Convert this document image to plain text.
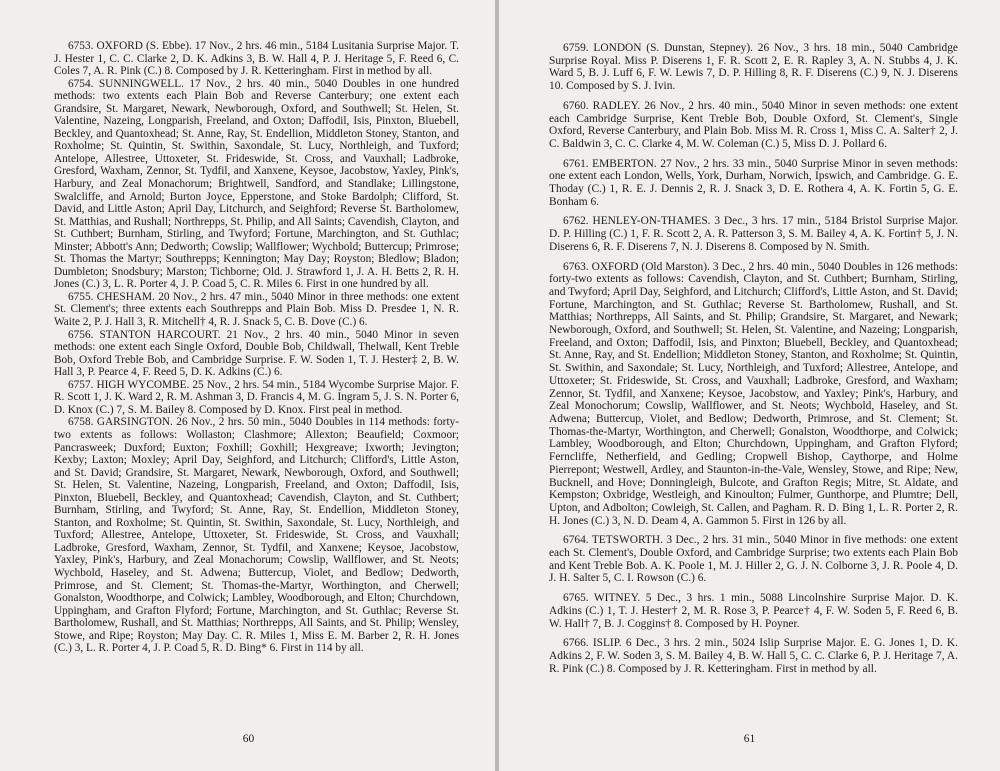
6753. OXFORD (S. Ebbe). 17 Nov., 2 hrs. 46 min., 5184 Lusitania Surprise Major. T. J. Hester 1, C. C. Clarke 2, D. K. Adkins 3, B. W. Hall 4, P. J. Heritage 5, F. Reed 6, C. Coles 7, A. R. Pink (C.) 8. Composed by J. R. Ketteringham. First in method by all.

6754. SUNNINGWELL. 17 Nov., 2 hrs. 40 min., 5040 Doubles in one hundred methods: two extents each Plain Bob and Reverse Canterbury; one extent each Grandsire, St. Margaret, Newark, Newborough, Oxford, and Southwell; St. Helen, St. Valentine, Nazeing, Longparish, Freeland, and Oxton; Daffodil, Isis, Pinxton, Bluebell, Beckley, and Quantoxhead; St. Anne, Ray, St. Endellion, Middleton Stoney, Stanton, and Roxholme; St. Quintin, St. Swithin, Saxondale, St. Lucy, Northleigh, and Tuxford; Antelope, Allestree, Uttoxeter, St. Frideswide, St. Cross, and Vauxhall; Ladbroke, Gresford, Waxham, Zennor, St. Tydfil, and Xanxene, Keysoe, Jacobstow, Yaxley, Pink's, Harbury, and Zeal Monachorum; Brightwell, Sandford, and Standlake; Lillingstone, Swalcliffe, and Arnold; Burton Joyce, Epperstone, and Stoke Bardolph; Clifford, St. David, and Little Aston; April Day, Litchurch, and Seighford; Reverse St. Bartholomew, St. Matthias, and Rushall; Northrepps, St. Philip, and All Saints; Cavendish, Clayton, and St. Cuthbert; Burnham, Stirling, and Twyford; Fortune, Marchington, and St. Guthlac; Minster; Abbott's Ann; Dedworth; Cowslip; Wallflower; Wychbold; Buttercup; Primrose; St. Thomas the Martyr; Southrepps; Kennington; May Day; Royston; Bledlow; Bladon; Dumbleton; Snodsbury; Marston; Tichborne; Old. J. Strawford 1, J. A. H. Betts 2, R. H. Jones (C.) 3, L. R. Porter 4, J. P. Coad 5, C. R. Miles 6. First in one hundred by all.

6755. CHESHAM. 20 Nov., 2 hrs. 47 min., 5040 Minor in three methods: one extent St. Clement's; three extents each Southrepps and Plain Bob. Miss D. Presdee 1, N. R. Waite 2, P. J. Hall 3, R. Mitchell† 4, R. J. Snack 5, C. B. Dove (C.) 6.

6756. STANTON HARCOURT. 21 Nov., 2 hrs. 40 min., 5040 Minor in seven methods: one extent each Single Oxford, Double Bob, Childwall, Thelwall, Kent Treble Bob, Oxford Treble Bob, and Cambridge Surprise. F. W. Soden 1, T. J. Hester‡ 2, B. W. Hall 3, P. Pearce 4, F. Reed 5, D. K. Adkins (C.) 6.

6757. HIGH WYCOMBE. 25 Nov., 2 hrs. 54 min., 5184 Wycombe Surprise Major. F. R. Scott 1, J. K. Ward 2, R. M. Ashman 3, D. Francis 4, M. G. Ingram 5, J. S. N. Porter 6, D. Knox (C.) 7, S. M. Bailey 8. Composed by D. Knox. First peal in method.

6758. GARSINGTON. 26 Nov., 2 hrs. 50 min., 5040 Doubles in 114 methods: forty-two extents as follows: Wollaston; Clashmore; Allexton; Beaufield; Coxmoor; Pancrasweek; Duxford; Euxton; Foxhill; Goxhill; Hexgreave; Ixworth; Jevington; Kexby; Laxton; Moxley; April Day, Seighford, and Litchurch; Clifford's, Little Aston, and St. David; Grandsire, St. Margaret, Newark, Newborough, Oxford, and Southwell; St. Helen, St. Valentine, Nazeing, Longparish, Freeland, and Oxton; Daffodil, Isis, Pinxton, Bluebell, Beckley, and Quantoxhead; Cavendish, Clayton, and St. Cuthbert; Burnham, Stirling, and Twyford; St. Anne, Ray, St. Endellion, Middleton Stoney, Stanton, and Roxholme; St. Quintin, St. Swithin, Saxondale, St. Lucy, Northleigh, and Tuxford; Allestree, Antelope, Uttoxeter, St. Frideswide, St. Cross, and Vauxhall; Ladbroke, Gresford, Waxham, Zennor, St. Tydfil, and Xanxene; Keysoe, Jacobstow, Yaxley, Pink's, Harbury, and Zeal Monachorum; Cowslip, Wallflower, and St. Neots; Wychbold, Haseley, and St. Adwena; Buttercup, Violet, and Bedlow; Dedworth, Primrose, and St. Clement; St. Thomas-the-Martyr, Worthington, and Cherwell; Gonalston, Woodthorpe, and Colwick; Lambley, Woodborough, and Elton; Churchdown, Uppingham, and Grafton Flyford; Fortune, Marchington, and St. Guthlac; Reverse St. Bartholomew, Rushall, and St. Matthias; Northrepps, All Saints, and St. Philip; Wensley, Stowe, and Ripe; Royston; May Day. C. R. Miles 1, Miss E. M. Barber 2, R. H. Jones (C.) 3, L. R. Porter 4, J. P. Coad 5, R. D. Bing* 6. First in 114 by all.

60

6759. LONDON (S. Dunstan, Stepney). 26 Nov., 3 hrs. 18 min., 5040 Cambridge Surprise Royal. Miss P. Diserens 1, F. R. Scott 2, E. R. Rapley 3, A. N. Stubbs 4, J. K. Ward 5, B. J. Luff 6, F. W. Lewis 7, D. P. Hilling 8, R. F. Diserens (C.) 9, N. J. Diserens 10. Composed by S. J. Ivin.

6760. RADLEY. 26 Nov., 2 hrs. 40 min., 5040 Minor in seven methods: one extent each Cambridge Surprise, Kent Treble Bob, Double Oxford, St. Clement's, Single Oxford, Reverse Canterbury, and Plain Bob. Miss M. R. Cross 1, Miss C. A. Salter† 2, J. C. Baldwin 3, C. C. Clarke 4, M. W. Coleman (C.) 5, Miss D. J. Pollard 6.

6761. EMBERTON. 27 Nov., 2 hrs. 33 min., 5040 Surprise Minor in seven methods: one extent each London, Wells, York, Durham, Norwich, Ipswich, and Cambridge. G. E. Thoday (C.) 1, R. E. J. Dennis 2, R. J. Snack 3, D. E. Rothera 4, A. K. Fortin 5, G. E. Bonham 6.

6762. HENLEY-ON-THAMES. 3 Dec., 3 hrs. 17 min., 5184 Bristol Surprise Major. D. P. Hilling (C.) 1, F. R. Scott 2, A. R. Patterson 3, S. M. Bailey 4, A. K. Fortin† 5, J. N. Diserens 6, R. F. Diserens 7, N. J. Diserens 8. Composed by N. Smith.

6763. OXFORD (Old Marston). 3 Dec., 2 hrs. 40 min., 5040 Doubles in 126 methods: forty-two extents as follows: Cavendish, Clayton, and St. Cuthbert; Burnham, Stirling, and Twyford; April Day, Seighford, and Litchurch; Clifford's, Little Aston, and St. David; Fortune, Marchington, and St. Guthlac; Reverse St. Bartholomew, Rushall, and St. Matthias; Northrepps, All Saints, and St. Philip; Grandsire, St. Margaret, and Newark; Newborough, Oxford, and Southwell; St. Helen, St. Valentine, and Nazeing; Longparish, Freeland, and Oxton; Daffodil, Isis, and Pinxton; Bluebell, Beckley, and Quantoxhead; St. Anne, Ray, and St. Endellion; Middleton Stoney, Stanton, and Roxholme; St. Quintin, St. Swithin, and Saxondale; St. Lucy, Northleigh, and Tuxford; Allestree, Antelope, and Uttoxeter; St. Frideswide, St. Cross, and Vauxhall; Ladbroke, Gresford, and Waxham; Zennor, St. Tydfil, and Xanxene; Keysoe, Jacobstow, and Yaxley; Pink's, Harbury, and Zeal Monochorum; Cowslip, Wallflower, and St. Neots; Wychbold, Haseley, and St. Adwena; Buttercup, Violet, and Bedlow; Dedworth, Primrose, and St. Clement; St. Thomas-the-Martyr, Worthington, and Cherwell; Gonalston, Woodthorpe, and Colwick; Lambley, Woodborough, and Elton; Churchdown, Uppingham, and Grafton Flyford; Ferncliffe, Netherfield, and Gedling; Cropwell Bishop, Caythorpe, and Holme Pierrepont; Westwell, Ardley, and Staunton-in-the-Vale, Wensley, Stowe, and Ripe; New, Bucknell, and Hove; Donningleigh, Bulcote, and Grafton Regis; Mitre, St. Aldate, and Kempston; Oxbridge, Westleigh, and Kinoulton; Fulmer, Gunthorpe, and Plumtre; Dell, Upton, and Adbolton; Cowleigh, St. Callen, and Pagham. R. D. Bing 1, L. R. Porter 2, R. H. Jones (C.) 3, N. D. Deam 4, A. Gammon 5. First in 126 by all.

6764. TETSWORTH. 3 Dec., 2 hrs. 31 min., 5040 Minor in five methods: one extent each St. Clement's, Double Oxford, and Cambridge Surprise; two extents each Plain Bob and Kent Treble Bob. A. K. Poole 1, M. J. Hiller 2, G. J. N. Colborne 3, J. R. Poole 4, D. J. H. Salter 5, C. I. Rowson (C.) 6.

6765. WITNEY. 5 Dec., 3 hrs. 1 min., 5088 Lincolnshire Surprise Major. D. K. Adkins (C.) 1, T. J. Hester† 2, M. R. Rose 3, P. Pearce† 4, F. W. Soden 5, F. Reed 6, B. W. Hall† 7, B. J. Coggins† 8. Composed by H. Poyner.

6766. ISLIP. 6 Dec., 3 hrs. 2 min., 5024 Islip Surprise Major. E. G. Jones 1, D. K. Adkins 2, F. W. Soden 3, S. M. Bailey 4, B. W. Hall 5, C. C. Clarke 6, P. J. Heritage 7, A. R. Pink (C.) 8. Composed by J. R. Ketteringham. First in method by all.

61
